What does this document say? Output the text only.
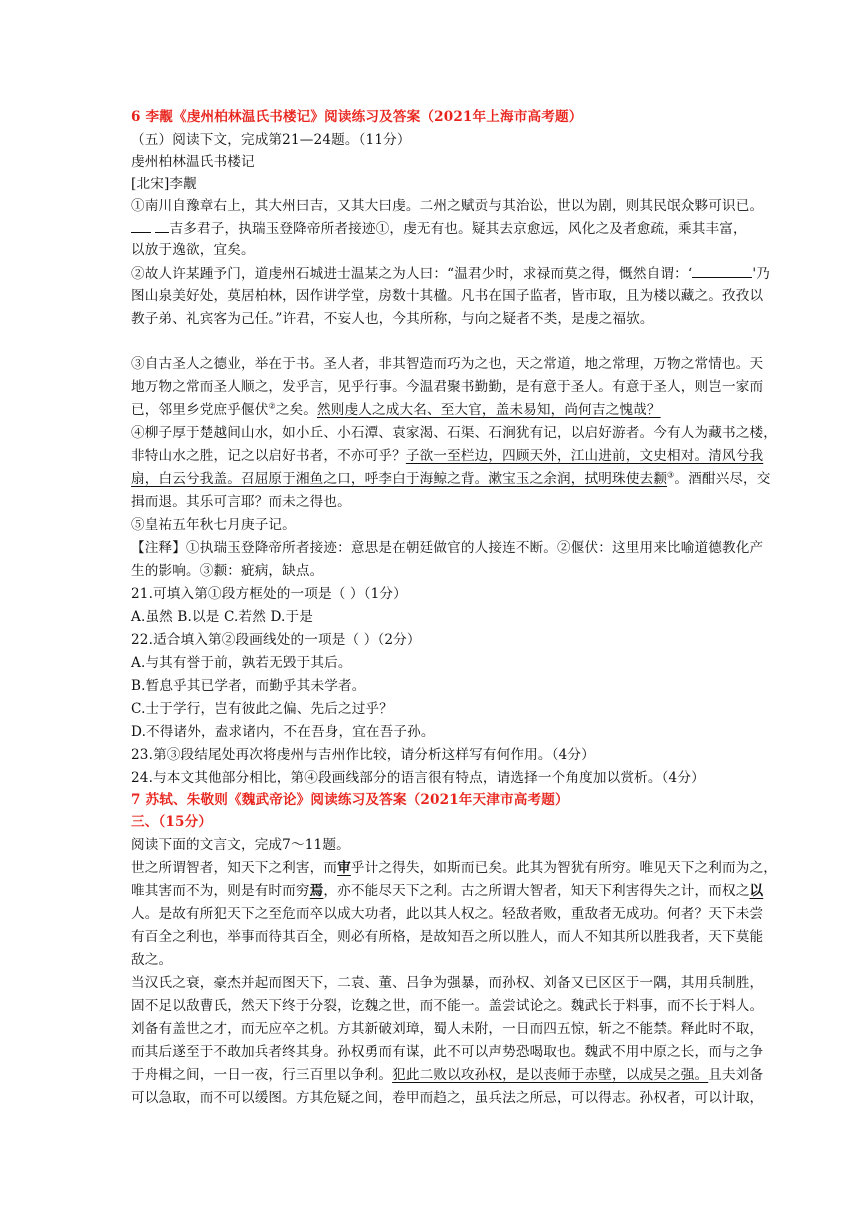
6 李觏《虔州柏林温氏书楼记》阅读练习及答案（2021年上海市高考题）
（五）阅读下文，完成第21—24题。（11分）
虔州柏林温氏书楼记
[北宋]李觏
①南川自豫章右上，其大州曰吉，又其大曰虔。二州之赋贡与其治讼，世以为剧，则其民氓众夥可识已。
吉多君子，执瑞玉登降帝所者接迹①，虔无有也。疑其去京愈远，风化之及者愈疏，乘其丰富，
以放于逸欲，宜矣。
②故人许某踵予门，道虔州石城进士温某之为人曰：“温君少时，求禄而莫之得，慨然自谓：‘	'乃
图山泉美好处，莫居柏林，因作讲学堂，房数十其楹。凡书在国子监者，皆市取，且为楼以藏之。孜孜以
教子弟、礼宾客为己任。”许君，不妄人也，今其所称，与向之疑者不类，是虔之福欤。
③自古圣人之德业，举在于书。圣人者，非其智造而巧为之也，天之常道，地之常理，万物之常情也。天
地万物之常而圣人顺之，发乎言，见乎行事。今温君聚书勤勤，是有意于圣人。有意于圣人，则岂一家而
已，邻里乡党庶乎偃伏②之矣。然则虔人之成大名、至大官，盖未易知，尚何吉之愧哉？
④柳子厚于楚越间山水，如小丘、小石潭、袁家渴、石渠、石涧犹有记，以启好游者。今有人为藏书之楼，
非特山水之胜，记之以启好书者，不亦可乎？子欲一至栏边，四顾天外，江山进前，文史相对。清风兮我
扇，白云兮我盖。召屈原于湘鱼之口，呼李白于海鲸之背。漱宝玉之余润，拭明珠使去颣③。酒酣兴尽，交
揖而退。其乐可言耶？而未之得也。
⑤皇祐五年秋七月庚子记。
【注释】①执瑞玉登降帝所者接迹：意思是在朝廷做官的人接连不断。②偃伏：这里用来比喻道德教化产
生的影响。③颣：疵病，缺点。
21.可填入第①段方框处的一项是（ ）（1分）
A.虽然 B.以是 C.若然 D.于是
22.适合填入第②段画线处的一项是（ ）（2分）
A.与其有誉于前，孰若无毁于其后。
B.暂息乎其已学者，而勤乎其未学者。
C.士于学行，岂有彼此之偏、先后之过乎？
D.不得诸外，盍求诸内，不在吾身，宜在吾子孙。
23.第③段结尾处再次将虔州与吉州作比较，请分析这样写有何作用。（4分）
24.与本文其他部分相比，第④段画线部分的语言很有特点，请选择一个角度加以赏析。（4分）
7 苏轼、朱敬则《魏武帝论》阅读练习及答案（2021年天津市高考题）
三、（15分）
阅读下面的文言文，完成7～11题。
世之所谓智者，知天下之利害，而审乎计之得失，如斯而已矣。此其为智犹有所穷。唯见天下之利而为之，
唯其害而不为，则是有时而穷焉，亦不能尽天下之利。古之所谓大智者，知天下利害得失之计，而权之以
人。是故有所犯天下之至危而卒以成大功者，此以其人权之。轻敌者败，重敌者无成功。何者？天下未尝
有百全之利也，举事而待其百全，则必有所格，是故知吾之所以胜人，而人不知其所以胜我者，天下莫能
敌之。
当汉氏之衰，豪杰并起而图天下，二袁、董、吕争为强暴，而孙权、刘备又已区区于一隅，其用兵制胜，
固不足以敌曹氏，然天下终于分裂，讫魏之世，而不能一。盖尝试论之。魏武长于料事，而不长于料人。
刘备有盖世之才，而无应卒之机。方其新破刘璋，蜀人未附，一日而四五惊，斩之不能禁。释此时不取，
而其后遂至于不敢加兵者终其身。孙权勇而有谋，此不可以声势恐喝取也。魏武不用中原之长，而与之争
于舟楫之间，一日一夜，行三百里以争利。犯此二败以攻孙权，是以丧师于赤壁，以成吴之强。且夫刘备
可以急取，而不可以缓图。方其危疑之间，卷甲而趋之，虽兵法之所忌，可以得志。孙权者，可以计取，
